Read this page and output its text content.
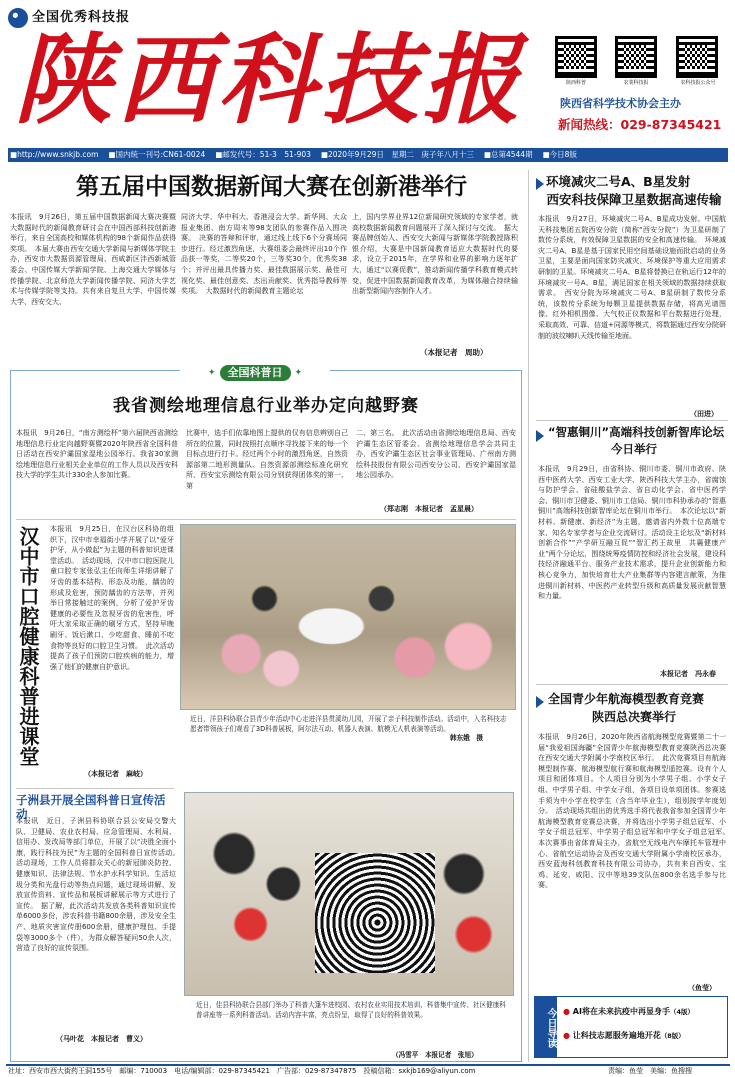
全国优秀科技报
陕西科技报	陕西科普	农業科技报	农科技报公众号
陕西省科学技术协会主办
新闻热线：029-87345421
■http://www.snkjb.com ■国内统一刊号:CN61-0024 ■邮发代号：51-3　51-903 ■2020年9月29日　星期二　庚子年八月十三 ■总第4544期 ■今日8版
第五届中国数据新闻大赛在创新港举行
本报讯　9月26日，第五届中国数据新闻大赛决赛暨大数据时代的新闻教育研讨会在中国西部科技创新港举行，来自全国高校和媒体机构的98个新闻作品获得奖项。　本届大赛由西安交通大学新闻与新媒体学院主办，西安市大数据资源管理局、西咸新区沣西新城管委会、中国传媒大学新闻学院、上海交通大学媒体与传播学院、北京师范大学新闻传播学院、同济大学艺术与传媒学院等支持。共有来自复旦大学、中国传媒大学、西安交大、
同济大学、华中科大、香港浸会大学、新华网、大众报业集团、南方周末等98支团队的参赛作品入围决赛。　决赛的答辩和评审，通过线上线下6个分赛场同步进行。经过激烈角逐，大赛组委会最终评出10个作品获一等奖，二等奖20个，三等奖30个，优秀奖38个；并评出最具传播力奖、最佳数据展示奖、最佳可视化奖、最佳创意奖、杰出贡献奖、优秀指导教师等奖项。　大数据时代的新闻教育主题论坛
上，国内学界业界12位新闻研究领域的专家学者，就高校数据新闻教育问题展开了深入探讨与交流。　据大赛品牌创始人、西安交大新闻与新媒体学院教授陈积银介绍，大赛是中国新闻教育适应大数据时代的要求，设立于2015年，在学界和业界的影响力逐年扩大，通过“以赛促教”，推动新闻传播学科教育模式转变，促进中国数据新闻教育改革，为媒体融合持续输出新型新闻内容制作人才。
（本报记者　周助）
✦	全国科普日	✦
我省测绘地理信息行业举办定向越野赛
本报讯　9月26日，“南方测绘杯”第六届陕西省测绘地理信息行业定向越野赛暨2020年陕西省全国科普日活动在西安沪灞国家湿地公园举行。我省30家测绘地理信息行业相关企业单位的工作人员以及西安科技大学的学生共计330余人参加比赛。
比赛中，选手们依靠地图上提供的仅有信息辨别自己所在的位置，同时按照打点顺序寻找接下来的每一个目标点进行打卡。经过两个小时的激烈角逐，自然资源部第二地形测量队、自然资源部测绘标准化研究所、西安宝乐测绘有限公司分别获得团体奖的第一、第
二、第三名。　此次活动由省测绘地理信息局、西安沪灞生态区管委会、省测绘地理信息学会共同主办，西安沪灞生态区社会事业管理局、广州南方测绘科技股份有限公司西安分公司、西安沪灞国家湿地公园承办。
（郑志刚　本报记者　孟星晨）
汉中市口腔健康科普进课堂 本报讯　9月25日，在汉台区科协的组织下，汉中市幸福街小学开展了以“爱牙护牙，从小做起”为主题的科普知识进课堂活动。　活动现场，汉中市口腔医院儿童口腔专家张弘主任向师生详细讲解了牙齿的基本结构、形态及功能，龋齿的形成及危害，预防龋齿的方法等，并列举日常接触过的案例，分析了爱护牙齿健康的必要性及忽视牙齿的危害性，呼吁大家采取正确的刷牙方式，坚持早晚刷牙、饭后漱口、少吃甜食、睡前不吃食物等良好的口腔卫生习惯。　此次活动提高了孩子们预防口腔疾病的能力，增强了他们的健康自护意识。
（本报记者　麻岐）
近日，洋县科协联合县青少年活动中心走进洋县贯溪幼儿园，开展了亲子科技制作活动。活动中，入名科技志愿者带领孩子们观看了3D科普展板，阿尔法互动、机器人表演、航模无人机表演等活动。
韩东娥　摄
子洲县开展全国科普日宣传活动
本报讯　近日，子洲县科协联合县公安局交警大队、卫健局、农业农村局、应急管理局、水利局、信用办、发改局等部门单位，开展了以“决胜全面小康，践行科技为民”为主题的全国科普日宣传活动。　活动现场，工作人员将群众关心的新冠肺炎防控、健康知识、法律法规、节水护水科学知识、生活垃圾分类和光盘行动等热点问题，通过现场讲解、发放宣传资料、宣传品和展板讲解展示等方式进行了宣传。　据了解，此次活动共发放各类科普知识宣传单6000多份，涉农科普书籍800余册，涉及安全生产、地质灾害宣传册600余册，健康护理包、手提袋等3000多个（件），为群众解答疑问50余人次，营造了良好的宣传氛围。
（马叶花　本报记者　曹义）
近日，佳县科协联合县部门举办了科普大篷车进校园、农村农业实用技术培训、科普集中宣传、社区健康科普讲座等一系列科普活动。活动内容丰富，亮点纷呈，取得了良好的科普效果。
（冯雪平　本报记者　张旭）
环境减灾二号A、B星发射
西安科技保障卫星数据高速传输
本报讯　9月27日，环境减灾二号A、B星成功发射。中国航天科技集团五院西安分院（简称“西安分院”）为卫星研制了数传分系统，有效保障卫星数据的安全和高速传输。　环境减灾二号A、B星是基于国家民用空间基础设施而批启动的业务卫星，主要是面向国家防灾减灾、环境保护等重大应用需求研制的卫星。环境减灾二号A、B星将替换已在轨运行12年的环境减灾一号A、B星，满足国家在相关领域的数据持续获取需求。　西安分院为环境减灾二号A、B星研制了数传分系统，该数传分系统为每颗卫星提供数据存储，将高光谱图像、红外相机图像、大气校正仪数据和平台数据进行处理，采取高效、可靠、信道+同源等模式，将数据通过西安分院研制的波纹喇叭天线传输至地面。
（田进）
“智惠铜川”高端科技创新智库论坛
今日举行
本报讯　9月29日，由省科协、铜川市委、铜川市政府、陕西中医药大学、西安工业大学、陕西科技大学主办，省腐蚀与防护学会、省硅酸盐学会、省自动化学会、省中医药学会、铜川市卫健委、铜川市工信局、铜川市科协承办的“智惠铜川”高端科技创新智库论坛在铜川市举行。　本次论坛以“新材料、新健康、新经济”为主题，邀请省内外数十位高端专家、知名专家学者与企业交流研讨。活动设主论坛及“新材料创新合作”“产学研互融互促”“智汇药王故里　共襄健康产业”两个分论坛，围绕统筹疫情防控和经济社会发展，建设科技经济融通平台、服务产业技术需求，提升企业创新能力和核心竞争力，加快培育壮大产业集群等内容建言献策，为推进铜川新材料、中医药产业转型升级和高质量发展贡献智慧和力量。
本报记者　冯永春
全国青少年航海模型教育竞赛
陕西总决赛举行
本报讯　9月26日，2020年陕西省航海模型竞赛暨第二十一届“我爱祖国海疆”全国青少年航海模型教育竞赛陕西总决赛在西安交通大学附属小学南校区举行。　此次竞赛项目有航海模型制作赛、航海模型航行赛和航海模型遥控赛。设有个人项目和团体项目。个人项目分别为小学男子组、小学女子组、中学男子组、中学女子组，各项目设单项团体。参赛选手须为中小学在校学生（含当年毕业生），组别按学年度划分。　活动现场共组出的优秀选手将代表我省参加全国青少年航海模型教育竞赛总决赛，并将选出小学男子组总冠军、小学女子组总冠军、中学男子组总冠军和中学女子组总冠军。　本次赛事由省体育局主办，省航空无线电汽车摩托车管理中心、省航空运动协会及西安交通大学附属小学南校区承办，西安蓝海科创教育科技有限公司协办，共有来自西安、宝鸡、延安、咸阳、汉中等地39支队伍800余名选手参与比赛。
（鱼莹）
今日导读 ● AI将在未来抗疫中再显身手（4版）
● 让科技志愿服务遍地开花（8版）
社址：西安市西大街药王洞155号　邮编：710003　电话/编辑部：029-87345421　广告部：029-87347875　投稿信箱：sxkjb169@aliyun.com	责编：鱼莹　美编：鱼搜搜
